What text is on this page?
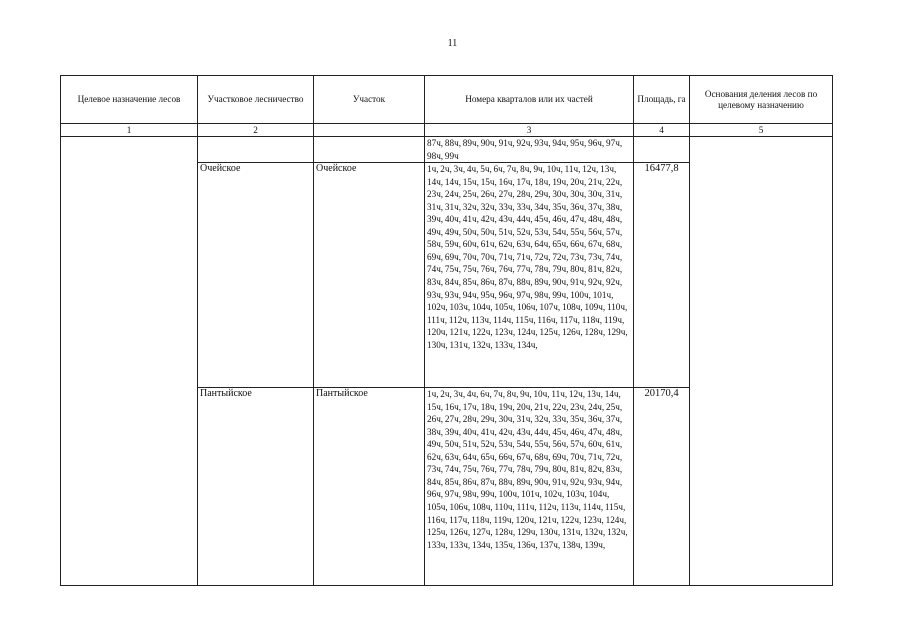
11
Целевое назначение лесов	Участковое лесничество	Участок	Номера кварталов или их частей	Площадь, га	Основания деления лесов по целевому назначению
1	2		3	4	5
			87ч, 88ч, 89ч, 90ч, 91ч, 92ч, 93ч, 94ч, 95ч, 96ч, 97ч, 98ч, 99ч		
	Очейское	Очейское	1ч, 2ч, 3ч, 4ч, 5ч, 6ч, 7ч, 8ч, 9ч, 10ч, 11ч, 12ч, 13ч, 14ч, 14ч, 15ч, 15ч, 16ч, 17ч, 18ч, 19ч, 20ч, 21ч, 22ч, 23ч, 24ч, 25ч, 26ч, 27ч, 28ч, 29ч, 30ч, 30ч, 30ч, 31ч, 31ч, 31ч, 32ч, 32ч, 33ч, 33ч, 34ч, 35ч, 36ч, 37ч, 38ч, 39ч, 40ч, 41ч, 42ч, 43ч, 44ч, 45ч, 46ч, 47ч, 48ч, 48ч, 49ч, 49ч, 50ч, 50ч, 51ч, 52ч, 53ч, 54ч, 55ч, 56ч, 57ч, 58ч, 59ч, 60ч, 61ч, 62ч, 63ч, 64ч, 65ч, 66ч, 67ч, 68ч, 69ч, 69ч, 70ч, 70ч, 71ч, 71ч, 72ч, 72ч, 73ч, 73ч, 74ч, 74ч, 75ч, 75ч, 76ч, 76ч, 77ч, 78ч, 79ч, 80ч, 81ч, 82ч, 83ч, 84ч, 85ч, 86ч, 87ч, 88ч, 89ч, 90ч, 91ч, 92ч, 92ч, 93ч, 93ч, 94ч, 95ч, 96ч, 97ч, 98ч, 99ч, 100ч, 101ч, 102ч, 103ч, 104ч, 105ч, 106ч, 107ч, 108ч, 109ч, 110ч, 111ч, 112ч, 113ч, 114ч, 115ч, 116ч, 117ч, 118ч, 119ч, 120ч, 121ч, 122ч, 123ч, 124ч, 125ч, 126ч, 128ч, 129ч, 130ч, 131ч, 132ч, 133ч, 134ч,	16477,8	
	Пантыйское	Пантыйское	1ч, 2ч, 3ч, 4ч, 6ч, 7ч, 8ч, 9ч, 10ч, 11ч, 12ч, 13ч, 14ч, 15ч, 16ч, 17ч, 18ч, 19ч, 20ч, 21ч, 22ч, 23ч, 24ч, 25ч, 26ч, 27ч, 28ч, 29ч, 30ч, 31ч, 32ч, 33ч, 35ч, 36ч, 37ч, 38ч, 39ч, 40ч, 41ч, 42ч, 43ч, 44ч, 45ч, 46ч, 47ч, 48ч, 49ч, 50ч, 51ч, 52ч, 53ч, 54ч, 55ч, 56ч, 57ч, 60ч, 61ч, 62ч, 63ч, 64ч, 65ч, 66ч, 67ч, 68ч, 69ч, 70ч, 71ч, 72ч, 73ч, 74ч, 75ч, 76ч, 77ч, 78ч, 79ч, 80ч, 81ч, 82ч, 83ч, 84ч, 85ч, 86ч, 87ч, 88ч, 89ч, 90ч, 91ч, 92ч, 93ч, 94ч, 96ч, 97ч, 98ч, 99ч, 100ч, 101ч, 102ч, 103ч, 104ч, 105ч, 106ч, 108ч, 110ч, 111ч, 112ч, 113ч, 114ч, 115ч, 116ч, 117ч, 118ч, 119ч, 120ч, 121ч, 122ч, 123ч, 124ч, 125ч, 126ч, 127ч, 128ч, 129ч, 130ч, 131ч, 132ч, 132ч, 133ч, 133ч, 134ч, 135ч, 136ч, 137ч, 138ч, 139ч,	20170,4	
